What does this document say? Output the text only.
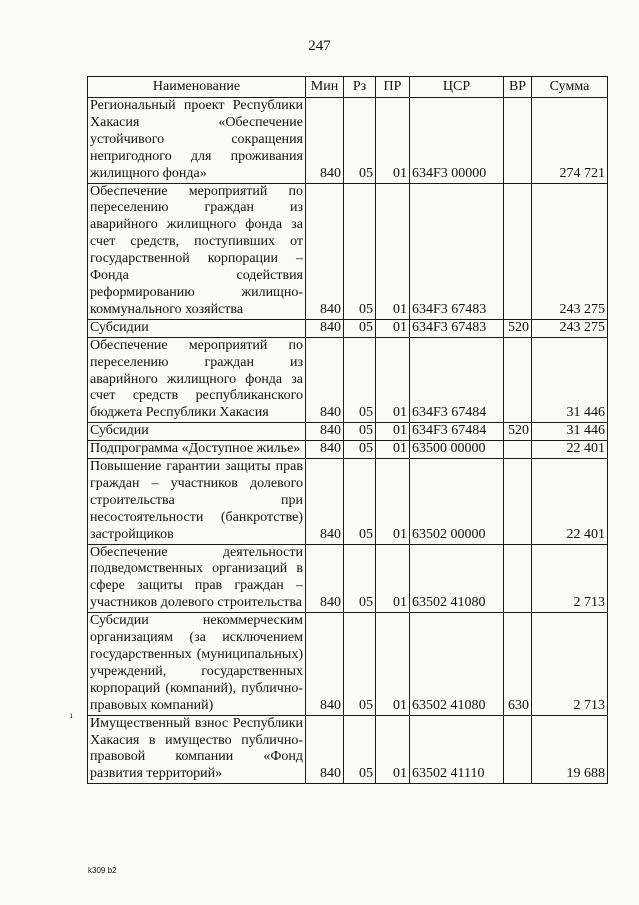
247
Наименование	Мин	Рз	ПР	ЦСР	ВР	Сумма
Региональный проект Республики Хакасия «Обеспечение устойчивого сокращения непригодного для проживания жилищного фонда»	840	05	01	634F3 00000		274 721
Обеспечение мероприятий по переселению граждан из аварийного жилищного фонда за счет средств, поступивших от государственной корпорации – Фонда содействия реформированию жилищно-коммунального хозяйства	840	05	01	634F3 67483		243 275
Субсидии	840	05	01	634F3 67483	520	243 275
Обеспечение мероприятий по переселению граждан из аварийного жилищного фонда за счет средств республиканского бюджета Республики Хакасия	840	05	01	634F3 67484		31 446
Субсидии	840	05	01	634F3 67484	520	31 446
Подпрограмма «Доступное жилье»	840	05	01	63500 00000		22 401
Повышение гарантии защиты прав граждан – участников долевого строительства при несостоятельности (банкротстве) застройщиков	840	05	01	63502 00000		22 401
Обеспечение деятельности подведомственных организаций в сфере защиты прав граждан – участников долевого строительства	840	05	01	63502 41080		2 713
Субсидии некоммерческим организациям (за исключением государственных (муниципальных) учреждений, государственных корпораций (компаний), публично-правовых компаний)	840	05	01	63502 41080	630	2 713
Имущественный взнос Республики Хакасия в имущество публично-правовой компании «Фонд развития территорий»	840	05	01	63502 41110		19 688
ı
k309 b2
